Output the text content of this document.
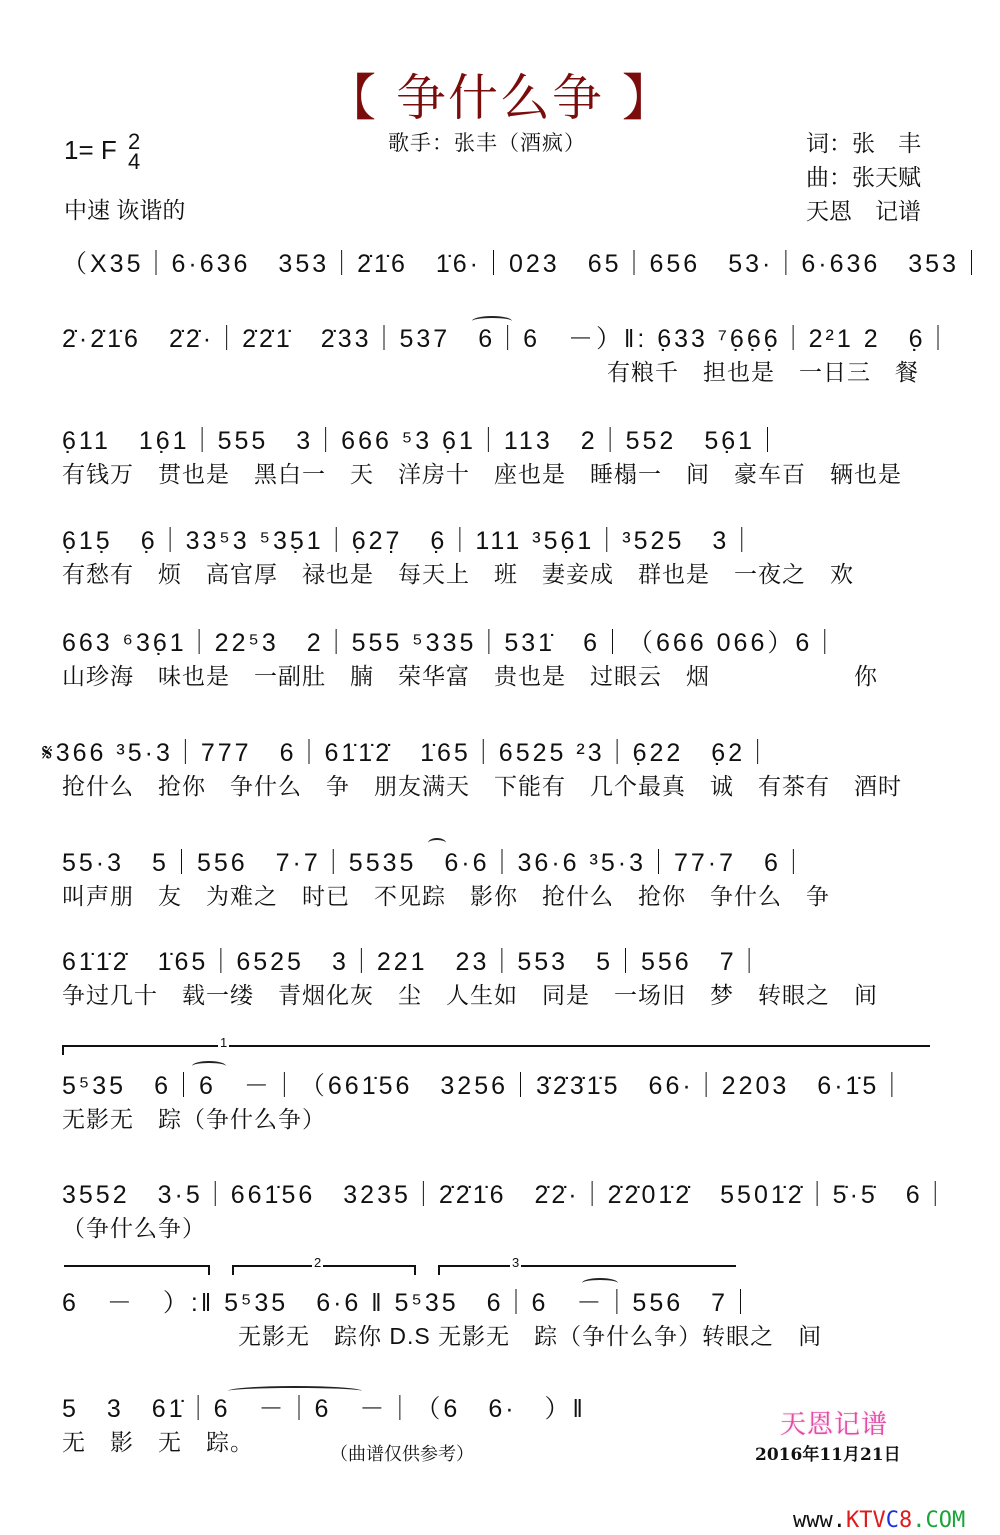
【 争什么争 】
1= F 2
4
歌手：张丰（酒疯）	词：张　丰
曲：张天赋
天恩　记谱
中速 诙谐的
（X35｜6·636　353｜2̇1̇6　1̇6·｜023　65｜656　53·｜6·636　353｜
2̇·2̇1̇6　2̇2̇·｜2̇2̇1̇　2̇33｜537　6｜6　－）‖: 6̣33 ⁷6̣6̣6̣｜2²1 2　6̣｜
有粮千　担也是　一日三　餐
6̣11　16̣1｜555　3｜666 ⁵3 6̣1｜113　2｜552　56̣1｜
有钱万　贯也是　黑白一　天　洋房十　座也是　睡榻一　间　豪车百　辆也是
6̣15̣　6̣｜33⁵3 ⁵35̣1｜6̣27̣　6̣｜111 ³56̣1｜³525　3｜
有愁有　烦　高官厚　禄也是　每天上　班　妻妾成　群也是　一夜之　欢
663 ⁶36̣1｜22⁵3　2｜555 ⁵335｜531̇　6｜（666 066）6｜
山珍海　味也是　一副肚　腩　荣华富　贵也是　过眼云　烟　　　　　　你
𝄋366 ³5·3｜777　6｜61̇1̇2̇　1̇65｜6525 ²3｜6̣22　6̣2｜
抢什么　抢你　争什么　争　朋友满天　下能有　几个最真　诚　有茶有　酒时
55·3　5｜556　7·7｜5535　6·6｜36·6 ³5·3｜77·7　6｜
叫声朋　友　为难之　时已　不见踪　影你　抢什么　抢你　争什么　争
61̇1̇2̇　1̇65｜6525　3｜221　23｜553　5｜556　7｜
争过几十　载一缕　青烟化灰　尘　人生如　同是　一场旧　梦　转眼之　间
1
5⁵35　6｜6　－｜（661̇56　3256｜3̇2̇3̇1̇5　66·｜2203　6·1̇5｜
无影无　踪（争什么争）
3552　3·5｜661̇56　3235｜2̇2̇1̇6　2̇2̇·｜2̇2̇01̇2̇　5501̇2̇｜5̇·5̇　6｜
（争什么争）
2	3
6　－　）:‖ 5⁵35　6·6 ‖ 5⁵35　6｜6　－｜556　7｜
无影无　踪你 D.S 无影无　踪（争什么争）转眼之　间
5　3　61̇｜6　－｜6　－｜（6　6·　）‖
无　影　无　踪。	（曲谱仅供参考）
天恩记谱
2016年11月21日
www.KTVC8.COM
